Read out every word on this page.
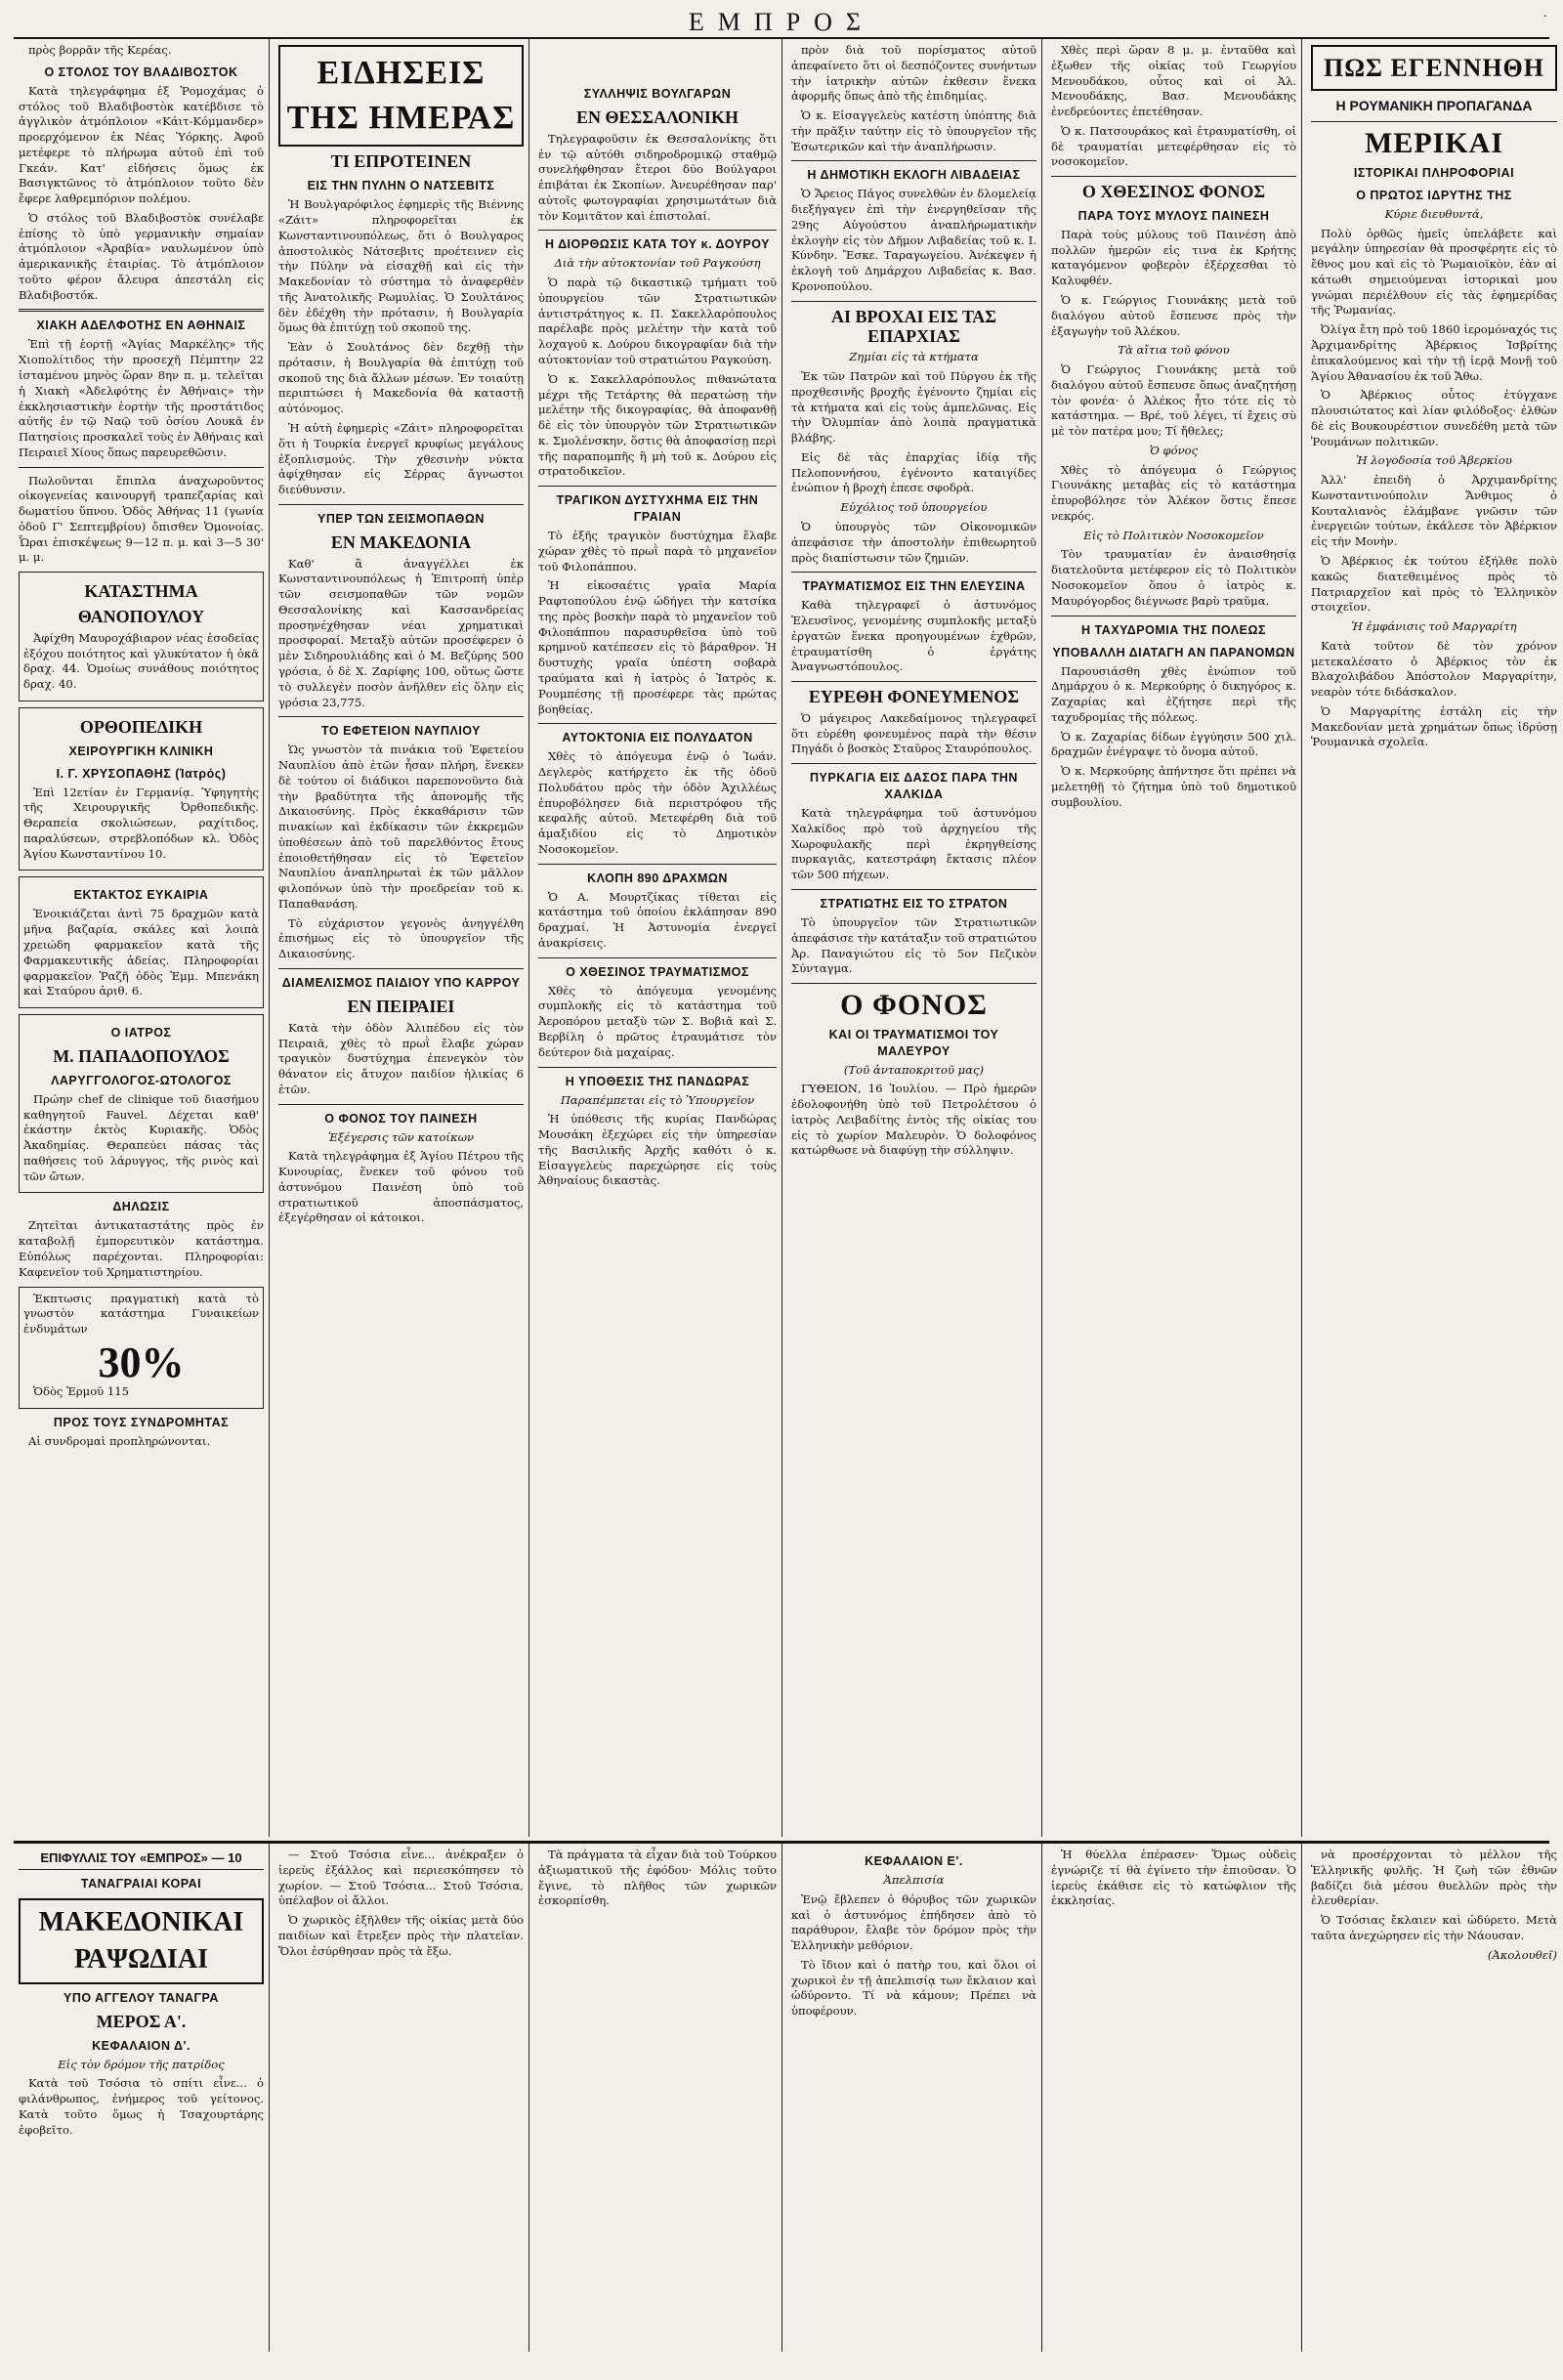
ΕΜΠΡΟΣ	·

πρὸς βορρᾶν τῆς Κερέας.

Ο ΣΤΟΛΟΣ ΤΟΥ ΒΛΑΔΙΒΟΣΤΟΚ

Κατὰ τηλεγράφημα ἐξ Ῥομοχάμας ὁ στόλος τοῦ Βλαδιβοστὸκ κατέβδισε τὸ ἀγγλικὸν ἀτμόπλοιον «Κάιτ-Κόμμανδερ» προερχόμενον ἐκ Νέας Ὑόρκης. Ἀφοῦ μετέφερε τὸ πλήρωμα αὐτοῦ ἐπὶ τοῦ Γκεάν. Κατ' εἰδήσεις ὅμως ἐκ Βασιγκτῶνος τὸ ἀτμόπλοιον τοῦτο δὲν ἔφερε λαθρεμπόριον πολέμου.

Ὁ στόλος τοῦ Βλαδιβοστὸκ συνέλαβε ἐπίσης τὸ ὑπὸ γερμανικὴν σημαίαν ἀτμόπλοιον «Ἀραβία» ναυλωμένον ὑπὸ ἀμερικανικῆς ἑταιρίας. Τὸ ἀτμόπλοιον τοῦτο φέρον ἄλευρα ἀπεστάλη εἰς Βλαδιβοστόκ.

ΧΙΑΚΗ ΑΔΕΛΦΟΤΗΣ ΕΝ ΑΘΗΝΑΙΣ

Ἐπὶ τῇ ἑορτῇ «Ἁγίας Μαρκέλης» τῆς Χιοπολίτιδος τὴν προσεχῆ Πέμπτην 22 ἱσταμένου μηνὸς ὥραν 8ην π. μ. τελεῖται ἡ Χιακὴ «Ἀδελφότης ἐν Ἀθήναις» τὴν ἐκκλησιαστικὴν ἑορτὴν τῆς προστάτιδος αὐτῆς ἐν τῷ Ναῷ τοῦ ὁσίου Λουκᾶ ἐν Πατησίοις προσκαλεῖ τοὺς ἐν Ἀθήναις καὶ Πειραιεῖ Χίους ὅπως παρευρεθῶσιν.

Πωλοῦνται ἔπιπλα ἀναχωροῦντος οἰκογενείας καινουργῆ τραπεζαρίας καὶ δωματίου ὕπνου. Ὁδὸς Ἀθήνας 11 (γωνία ὁδοῦ Γ' Σεπτεμβρίου) ὄπισθεν Ὁμονοίας. Ὧραι ἐπισκέψεως 9—12 π. μ. καὶ 3—5 30' μ. μ.

ΚΑΤΑΣΤΗΜΑ
ΘΑΝΟΠΟΥΛΟΥ

Ἀφίχθη Μαυροχάβιαρον νέας ἑσοδείας ἐξόχου ποιότητος καὶ γλυκύτατον ἡ ὀκᾶ δραχ. 44. Ὁμοίως συνάθους ποιότητος δραχ. 40.

ΟΡΘΟΠΕΔΙΚΗ
ΧΕΙΡΟΥΡΓΙΚΗ ΚΛΙΝΙΚΗ
Ι. Γ. ΧΡΥΣΟΠΑΘΗΣ (Ἰατρός)

Ἐπὶ 12ετίαν ἐν Γερμανίᾳ. Ὑφηγητὴς τῆς Χειρουργικῆς Ὀρθοπεδικῆς. Θεραπεία σκολιώσεων, ραχίτιδος, παραλύσεων, στρεβλοπόδων κλ. Ὁδὸς Ἁγίου Κωνσταντίνου 10.

ΕΚΤΑΚΤΟΣ ΕΥΚΑΙΡΙΑ

Ἐνοικιάζεται ἀντὶ 75 δραχμῶν κατὰ μῆνα βαζαρία, σκάλες καὶ λοιπὰ χρειώδη φαρμακεῖον κατὰ τῆς Φαρμακευτικῆς ἀδείας. Πληροφορίαι φαρμακεῖον Ῥαζῆ ὁδὸς Ἐμμ. Μπενάκη καὶ Σταύρου ἀριθ. 6.

Ο ΙΑΤΡΟΣ
Μ. ΠΑΠΑΔΟΠΟΥΛΟΣ
ΛΑΡΥΓΓΟΛΟΓΟΣ-ΩΤΟΛΟΓΟΣ

Πρώην chef de clinique τοῦ διασήμου καθηγητοῦ Fauvel. Δέχεται καθ' ἑκάστην ἐκτὸς Κυριακῆς. Ὁδὸς Ἀκαδημίας. Θεραπεύει πάσας τὰς παθήσεις τοῦ λάρυγγος, τῆς ρινὸς καὶ τῶν ὤτων.

ΔΗΛΩΣΙΣ

Ζητεῖται ἀντικαταστάτης πρὸς ἐν καταβολῇ ἐμπορευτικὸν κατάστημα. Εὐπόλως παρέχονται. Πληροφορίαι: Καφενεῖον τοῦ Χρηματιστηρίου.

Ἐκπτωσις πραγματικὴ κατὰ τὸ γνωστὸν κατάστημα Γυναικείων ἐνδυμάτων

30%

Ὁδὸς Ἑρμοῦ 115

ΠΡΟΣ ΤΟΥΣ ΣΥΝΔΡΟΜΗΤΑΣ

Αἱ συνδρομαὶ προπληρώνονται.

ΕΙΔΗΣΕΙΣ ΤΗΣ ΗΜΕΡΑΣ
ΤΙ ΕΠΡΟΤΕΙΝΕΝ
ΕΙΣ ΤΗΝ ΠΥΛΗΝ Ο ΝΑΤΣΕΒΙΤΣ

Ἡ Βουλγαρόφιλος ἐφημερὶς τῆς Βιέννης «Ζάιτ» πληροφορεῖται ἐκ Κωνσταντινουπόλεως, ὅτι ὁ Βουλγαρος ἀποστολικὸς Νάτσεβιτς προέτεινεν εἰς τὴν Πύλην νὰ εἰσαχθῇ καὶ εἰς τὴν Μακεδονίαν τὸ σύστημα τὸ ἀναφερθὲν τῆς Ἀνατολικῆς Ρωμυλίας. Ὁ Σουλτάνος δὲν ἐδέχθη τὴν πρότασιν, ἡ Βουλγαρία ὅμως θὰ ἐπιτύχῃ τοῦ σκοποῦ της.

Ἐὰν ὁ Σουλτάνος δὲν δεχθῇ τὴν πρότασιν, ἡ Βουλγαρία θὰ ἐπιτύχῃ τοῦ σκοποῦ της διὰ ἄλλων μέσων. Ἐν τοιαύτῃ περιπτώσει ἡ Μακεδονία θὰ καταστῇ αὐτόνομος.

Ἡ αὐτὴ ἐφημερὶς «Ζάιτ» πληροφορεῖται ὅτι ἡ Τουρκία ἐνεργεῖ κρυφίως μεγάλους ἐξοπλισμούς. Τὴν χθεσινὴν νύκτα ἀφίχθησαν εἰς Σέρρας ἄγνωστοι διεύθυνσιν.

ΥΠΕΡ ΤΩΝ ΣΕΙΣΜΟΠΑΘΩΝ
ΕΝ ΜΑΚΕΔΟΝΙΑ

Καθ' ἃ ἀναγγέλλει ἐκ Κωνσταντινουπόλεως ἡ Ἐπιτροπὴ ὑπὲρ τῶν σεισμοπαθῶν τῶν νομῶν Θεσσαλονίκης καὶ Κασσανδρείας προσηνέχθησαν νέαι χρηματικαὶ προσφοραί. Μεταξὺ αὐτῶν προσέφερεν ὁ μὲν Σιδηρουλιάδης καὶ ὁ Μ. Βεζύρης 500 γρόσια, ὁ δὲ Χ. Ζαρίφης 100, οὕτως ὥστε τὸ συλλεγὲν ποσὸν ἀνῆλθεν εἰς ὅλην εἰς γρόσια 23,775.

ΤΟ ΕΦΕΤΕΙΟΝ ΝΑΥΠΛΙΟΥ

Ὡς γνωστὸν τὰ πινάκια τοῦ Ἐφετείου Ναυπλίου ἀπὸ ἐτῶν ἦσαν πλήρη, ἕνεκεν δὲ τούτου οἱ διάδικοι παρεπονοῦντο διὰ τὴν βραδύτητα τῆς ἀπονομῆς τῆς Δικαιοσύνης. Πρὸς ἐκκαθάρισιν τῶν πινακίων καὶ ἐκδίκασιν τῶν ἐκκρεμῶν ὑποθέσεων ἀπὸ τοῦ παρελθόντος ἔτους ἐποιοθετήθησαν εἰς τὸ Ἐφετεῖον Ναυπλίου ἀναπληρωταὶ ἐκ τῶν μᾶλλον φιλοπόνων ὑπὸ τὴν προεδρείαν τοῦ κ. Παπαθανάση.

Τὸ εὐχάριστον γεγονὸς ἀνηγγέλθη ἐπισήμως εἰς τὸ ὑπουργεῖον τῆς Δικαιοσύνης.

ΔΙΑΜΕΛΙΣΜΟΣ ΠΑΙΔΙΟΥ ΥΠΟ ΚΑΡΡΟΥ
ΕΝ ΠΕΙΡΑΙΕΙ

Κατὰ τὴν ὁδὸν Ἀλιπέδου εἰς τὸν Πειραιᾶ, χθὲς τὸ πρωῒ ἔλαβε χώραν τραγικὸν δυστύχημα ἐπενεγκὸν τὸν θάνατον εἰς ἄτυχον παιδίον ἡλικίας 6 ἐτῶν.

Ο ΦΟΝΟΣ ΤΟΥ ΠΑΙΝΕΣΗ
Ἐξέγερσις τῶν κατοίκων

Κατὰ τηλεγράφημα ἐξ Ἁγίου Πέτρου τῆς Κυνουρίας, ἕνεκεν τοῦ φόνου τοῦ ἀστυνόμου Παινέση ὑπὸ τοῦ στρατιωτικοῦ ἀποσπάσματος, ἐξεγέρθησαν οἱ κάτοικοι.

ΣΥΛΛΗΨΙΣ ΒΟΥΛΓΑΡΩΝ
ΕΝ ΘΕΣΣΑΛΟΝΙΚΗ

Τηλεγραφοῦσιν ἐκ Θεσσαλονίκης ὅτι ἐν τῷ αὐτόθι σιδηροδρομικῷ σταθμῷ συνελήφθησαν ἕτεροι δύο Βούλγαροι ἐπιβάται ἐκ Σκοπίων. Ἀνευρέθησαν παρ' αὐτοῖς φωτογραφίαι χρησιμωτάτων διὰ τὸν Κομιτᾶτον καὶ ἐπιστολαί.

Η ΔΙΟΡΘΩΣΙΣ ΚΑΤΑ ΤΟΥ κ. ΔΟΥΡΟΥ
Διὰ τὴν αὐτοκτονίαν τοῦ Ραγκούση

Ὁ παρὰ τῷ δικαστικῷ τμήματι τοῦ ὑπουργείου τῶν Στρατιωτικῶν ἀντιστράτηγος κ. Π. Σακελλαρόπουλος παρέλαβε πρὸς μελέτην τὴν κατὰ τοῦ λοχαγοῦ κ. Δούρου δικογραφίαν διὰ τὴν αὐτοκτονίαν τοῦ στρατιώτου Ραγκούση.

Ὁ κ. Σακελλαρόπουλος πιθανώτατα μέχρι τῆς Τετάρτης θὰ περατώσῃ τὴν μελέτην τῆς δικογραφίας, θὰ ἀποφανθῇ δὲ εἰς τὸν ὑπουργὸν τῶν Στρατιωτικῶν κ. Σμολένσκην, ὅστις θὰ ἀποφασίσῃ περὶ τῆς παραπομπῆς ἢ μὴ τοῦ κ. Δούρου εἰς στρατοδικεῖον.

ΤΡΑΓΙΚΟΝ ΔΥΣΤΥΧΗΜΑ ΕΙΣ ΤΗΝ ΓΡΑΙΑΝ

Τὸ ἐξῆς τραγικὸν δυστύχημα ἔλαβε χώραν χθὲς τὸ πρωῒ παρὰ τὸ μηχανεῖον τοῦ Φιλοπάππου.

Ἡ εἰκοσαέτις γραῖα Μαρία Ραφτοπούλου ἐνῷ ὡδήγει τὴν κατσίκα της πρὸς βοσκὴν παρὰ τὸ μηχανεῖον τοῦ Φιλοπάππου παρασυρθεῖσα ὑπὸ τοῦ κρημνοῦ κατέπεσεν εἰς τὸ βάραθρον. Ἡ δυστυχὴς γραῖα ὑπέστη σοβαρὰ τραύματα καὶ ἡ ἰατρὸς ὁ Ἰατρὸς κ. Ρουμπέσης τῇ προσέφερε τὰς πρώτας βοηθείας.

ΑΥΤΟΚΤΟΝΙΑ ΕΙΣ ΠΟΛΥΔΑΤΟΝ

Χθὲς τὸ ἀπόγευμα ἐνῷ ὁ Ἰωάν. Δεγλερὸς κατήρχετο ἐκ τῆς ὁδοῦ Πολυδάτου πρὸς τὴν ὁδὸν Ἀχιλλέως ἐπυροβόλησεν διὰ περιστρόφου τῆς κεφαλῆς αὐτοῦ. Μετεφέρθη διὰ τοῦ ἀμαξιδίου εἰς τὸ Δημοτικὸν Νοσοκομεῖον.

ΚΛΟΠΗ 890 ΔΡΑΧΜΩΝ

Ὁ Α. Μουρτζίκας τίθεται εἰς κατάστημα τοῦ ὁποίου ἐκλάπησαν 890 δραχμαί. Ἡ Ἀστυνομία ἐνεργεῖ ἀνακρίσεις.

Ο ΧΘΕΣΙΝΟΣ ΤΡΑΥΜΑΤΙΣΜΟΣ

Χθὲς τὸ ἀπόγευμα γενομένης συμπλοκῆς εἰς τὸ κατάστημα τοῦ Ἀεροπόρου μεταξὺ τῶν Σ. Βοβιᾶ καὶ Σ. Βερβίλη ὁ πρῶτος ἐτραυμάτισε τὸν δεύτερον διὰ μαχαίρας.

Η ΥΠΟΘΕΣΙΣ ΤΗΣ ΠΑΝΔΩΡΑΣ
Παραπέμπεται εἰς τὸ Ὑπουργεῖον

Ἡ ὑπόθεσις τῆς κυρίας Πανδώρας Μουσάκη ἐξεχώρει εἰς τὴν ὑπηρεσίαν τῆς Βασιλικῆς Ἀρχῆς καθότι ὁ κ. Εἰσαγγελεὺς παρεχώρησε εἰς τοὺς Ἀθηναίους δικαστὰς.

πρὸν διὰ τοῦ πορίσματος αὐτοῦ ἀπεφαίνετο ὅτι οἱ δεσπόζοντες συνήντων τὴν ἰατρικὴν αὐτῶν ἐκθεσιν ἕνεκα ἀφορμῆς ὅπως ἀπὸ τῆς ἐπιδημίας.

Ὁ κ. Εἰσαγγελεὺς κατέστη ὑπόπτης διὰ τὴν πρᾶξιν ταύτην εἰς τὸ ὑπουργεῖον τῆς Ἐσωτερικῶν καὶ τὴν ἀναπλήρωσιν.

Η ΔΗΜΟΤΙΚΗ ΕΚΛΟΓΗ ΛΙΒΑΔΕΙΑΣ

Ὁ Ἄρειος Πάγος συνελθὼν ἐν δλομελείᾳ διεξήγαγεν ἐπὶ τὴν ἐνεργηθεῖσαν τῆς 29ης Αὐγούστου ἀναπλήρωματικὴν ἐκλογὴν εἰς τὸν Δῆμον Λιβαδείας τοῦ κ. I. Κύνδην. Ἔσκε. Ταραγωγείου. Ἀνέκεψεν ἡ ἐκλογὴ τοῦ Δημάρχου Λιβαδείας κ. Βασ. Κρονοπούλου.

ΑΙ ΒΡΟΧΑΙ ΕΙΣ ΤΑΣ ΕΠΑΡΧΙΑΣ
Ζημίαι εἰς τὰ κτήματα

Ἐκ τῶν Πατρῶν καὶ τοῦ Πύργου ἐκ τῆς προχθεσινῆς βροχῆς ἐγένοντο ζημίαι εἰς τὰ κτήματα καὶ εἰς τοὺς ἀμπελῶνας. Εἰς τὴν Ὀλυμπίαν ἀπὸ λοιπὰ πραγματικὰ βλάβης.

Εἰς δὲ τὰς ἐπαρχίας ἰδίᾳ τῆς Πελοποννήσου, ἐγένοντο καταιγίδες ἑνώπιον ἡ βροχὴ ἐπεσε σφοδρὰ.

Εὐχόλιος τοῦ ὑπουργείου

Ὁ ὑπουργὸς τῶν Οἰκονομικῶν ἀπεφάσισε τὴν ἀποστολὴν ἐπιθεωρητοῦ πρὸς διαπίστωσιν τῶν ζημιῶν.

ΤΡΑΥΜΑΤΙΣΜΟΣ ΕΙΣ ΤΗΝ ΕΛΕΥΣΙΝΑ

Καθὰ τηλεγραφεῖ ὁ ἀστυνόμος Ἐλευσῖνος, γενομένης συμπλοκῆς μεταξὺ ἐργατῶν ἕνεκα προηγουμένων ἐχθρῶν, ἐτραυματίσθη ὁ ἐργάτης Ἀναγνωστόπουλος.

ΕΥΡΕΘΗ ΦΟΝΕΥΜΕΝΟΣ

Ὁ μάγειρος Λακεδαίμονος τηλεγραφεῖ ὅτι εὑρέθη φονευμένος παρὰ τὴν θέσιν Πηγάδι ὁ βοσκὸς Σταῦρος Σταυρόπουλος.

ΠΥΡΚΑΓΙΑ ΕΙΣ ΔΑΣΟΣ ΠΑΡΑ ΤΗΝ ΧΑΛΚΙΔΑ

Κατὰ τηλεγράφημα τοῦ ἀστυνόμου Χαλκίδος πρὸ τοῦ ἀρχηγείου τῆς Χωροφυλακῆς περὶ ἐκρηγθείσης πυρκαγιᾶς, κατεστράφη ἔκτασις πλέον τῶν 500 πήχεων.

ΣΤΡΑΤΙΩΤΗΣ ΕΙΣ ΤΟ ΣΤΡΑΤΟΝ

Τὸ ὑπουργεῖον τῶν Στρατιωτικῶν ἀπεφάσισε τὴν κατάταξιν τοῦ στρατιώτου Ἀρ. Παναγιώτου εἰς τὸ 5ον Πεζικὸν Σύνταγμα.

Ο ΦΟΝΟΣ
ΚΑΙ ΟΙ ΤΡΑΥΜΑΤΙΣΜΟΙ ΤΟΥ ΜΑΛΕΥΡΟΥ
(Τοῦ ἀνταποκριτοῦ μας)

ΓΥΘΕΙΟΝ, 16 Ἰουλίου. — Πρὸ ἡμερῶν ἐδολοφονήθη ὑπὸ τοῦ Πετρολέτσου ὁ ἰατρὸς Λειβαδίτης ἐντὸς τῆς οἰκίας του εἰς τὸ χωρίον Μαλευρὸν. Ὁ δολοφόνος κατώρθωσε νὰ διαφύγῃ τὴν σύλληψιν.

Χθὲς περὶ ὥραν 8 μ. μ. ἐνταῦθα καὶ ἐξωθεν τῆς οἰκίας τοῦ Γεωργίου Μενουδάκου, οὗτος καὶ οἱ Ἀλ. Μενουδάκης, Βασ. Μενουδάκης ἐνεδρεύοντες ἐπετέθησαν.

Ὁ κ. Πατσουράκος καὶ ἐτραυματίσθη, οἱ δὲ τραυματίαι μετεφέρθησαν εἰς τὸ νοσοκομεῖον.

Ο ΧΘΕΣΙΝΟΣ ΦΟΝΟΣ
ΠΑΡΑ ΤΟΥΣ ΜΥΛΟΥΣ ΠΑΙΝΕΣΗ

Παρὰ τοὺς μύλους τοῦ Παινέση ἀπὸ πολλῶν ἡμερῶν εἰς τινα ἐκ Κρήτης καταγόμενον φοβερὸν ἐξέρχεσθαι τὸ Καλυφθέν.

Ὁ κ. Γεώργιος Γιουνάκης μετὰ τοῦ διαλόγου αὐτοῦ ἔσπευσε πρὸς τὴν ἐξαγωγὴν τοῦ Ἀλέκου.

Τὰ αἴτια τοῦ φόνου

Ὁ Γεώργιος Γιουνάκης μετὰ τοῦ διαλόγου αὐτοῦ ἔσπευσε ὅπως ἀναζητήσῃ τὸν φονέα· ὁ Ἀλέκος ἦτο τότε εἰς τὸ κατάστημα. — Βρέ, τοῦ λέγει, τί ἔχεις σὺ μὲ τὸν πατέρα μου; Τί ἤθελες;

Ὁ φόνος

Χθὲς τὸ ἀπόγευμα ὁ Γεώργιος Γιουνάκης μεταβὰς εἰς τὸ κατάστημα ἐπυροβόλησε τὸν Ἀλέκον ὅστις ἔπεσε νεκρός.

Εἰς τὸ Πολιτικὸν Νοσοκομεῖον

Τὸν τραυματίαν ἐν ἀναισθησίᾳ διατελοῦντα μετέφερον εἰς τὸ Πολιτικὸν Νοσοκομεῖον ὅπου ὁ ἰατρὸς κ. Μαυρόγορδος διέγνωσε βαρὺ τραῦμα.

Η ΤΑΧΥΔΡΟΜΙΑ ΤΗΣ ΠΟΛΕΩΣ
ΥΠΟΒΑΛΛΗ ΔΙΑΤΑΓΗ ΑΝ ΠΑΡΑΝΟΜΩΝ

Παρουσιάσθη χθὲς ἐνώπιον τοῦ Δημάρχου ὁ κ. Μερκούρης ὁ δικηγόρος κ. Ζαχαρίας καὶ ἐζήτησε περὶ τῆς ταχυδρομίας τῆς πόλεως.

Ὁ κ. Ζαχαρίας δίδων ἐγγύησιν 500 χιλ. δραχμῶν ἐνέγραψε τὸ ὄνομα αὐτοῦ.

Ὁ κ. Μερκούρης ἀπήντησε ὅτι πρέπει νὰ μελετηθῇ τὸ ζήτημα ὑπὸ τοῦ δημοτικοῦ συμβουλίου.

ΠΩΣ ΕΓΕΝΝΗΘΗ
Η ΡΟΥΜΑΝΙΚΗ ΠΡΟΠΑΓΑΝΔΑ
ΜΕΡΙΚΑΙ
ΙΣΤΟΡΙΚΑΙ ΠΛΗΡΟΦΟΡΙΑΙ
Ο ΠΡΩΤΟΣ ΙΔΡΥΤΗΣ ΤΗΣ
Κύριε διευθυντά,

Πολὺ ὀρθῶς ἠμεῖς ὑπελάβετε καὶ μεγάλην ὑπηρεσίαν θὰ προσφέρητε εἰς τὸ ἔθνος μου καὶ εἰς τὸ Ῥωμαιοϊκὸν, ἐὰν αἱ κάτωθι σημειούμεναι ἱστορικαὶ μου γνώμαι περιέλθουν εἰς τὰς ἐφημερίδας τῆς Ῥωμανίας.

Ὀλίγα ἔτη πρὸ τοῦ 1860 ἱερομόναχός τις Ἀρχιμανδρίτης Ἀβέρκιος Ἰσβρίτης ἐπικαλούμενος καὶ τὴν τῇ ἱερᾷ Μονῇ τοῦ Ἁγίου Ἀθανασίου ἐκ τοῦ Ἄθω.

Ὁ Ἀβέρκιος οὗτος ἐτύγχανε πλουσιώτατος καὶ λίαν φιλόδοξος· ἐλθὼν δὲ εἰς Βουκουρέστιον συνεδέθη μετὰ τῶν Ῥουμάνων πολιτικῶν.

Ἡ λογοδοσία τοῦ Ἀβερκίου

Ἀλλ' ἐπειδὴ ὁ Ἀρχιμανδρίτης Κωνσταντινούπολιν Ἄνθιμος ὁ Κουταλιανὸς ἐλάμβανε γνῶσιν τῶν ἐνεργειῶν τούτων, ἐκάλεσε τὸν Ἀβέρκιον εἰς τὴν Μονὴν.

Ὁ Ἀβέρκιος ἐκ τούτου ἐξήλθε πολὺ κακῶς διατεθειμένος πρὸς τὸ Πατριαρχεῖον καὶ πρὸς τὸ Ἑλληνικὸν στοιχεῖον.

Ἡ ἐμφάνισις τοῦ Μαργαρίτη

Κατὰ τοῦτον δὲ τὸν χρόνον μετεκαλέσατο ὁ Ἀβέρκιος τὸν ἐκ Βλαχολιβάδου Ἀπόστολον Μαργαρίτην, νεαρὸν τότε διδάσκαλον.

Ὁ Μαργαρίτης ἐστάλη εἰς τὴν Μακεδονίαν μετὰ χρημάτων ὅπως ἱδρύσῃ Ῥουμανικὰ σχολεῖα.

ΕΠΙΦΥΛΛΙΣ ΤΟΥ «ΕΜΠΡΟΣ» — 10
ΤΑΝΑΓΡΑΙΑΙ ΚΟΡΑΙ
ΜΑΚΕΔΟΝΙΚΑΙ ΡΑΨΩΔΙΑΙ
ΥΠΟ ΑΓΓΕΛΟΥ ΤΑΝΑΓΡΑ
ΜΕΡΟΣ Α'.
ΚΕΦΑΛΑΙΟΝ Δ'.
Εἰς τὸν δρόμον τῆς πατρίδος

Κατὰ τοῦ Τσόσια τὸ σπίτι εἶνε... ὁ φιλάνθρωπος, ἐνήμερος τοῦ γείτονος. Κατὰ τοῦτο ὅμως ἠ Τσαχουρτάρης ἐφοβεῖτο.

— Στοῦ Τσόσια εἶνε... ἀνέκραξεν ὁ ἱερεὺς ἐξάλλος καὶ περιεσκόπησεν τὸ χωρίον. — Στοῦ Τσόσια... Στοῦ Τσόσια, ὑπέλαβον οἱ ἄλλοι.

Ὁ χωρικὸς ἐξῆλθεν τῆς οἰκίας μετὰ δύο παιδίων καὶ ἔτρεξεν πρὸς τὴν πλατεῖαν. Ὅλοι ἐσύρθησαν πρὸς τὰ ἔξω.

Τὰ πράγματα τὰ εἶχαν διὰ τοῦ Τούρκου ἀξιωματικοῦ τῆς ἐφόδου· Μόλις τοῦτο ἔγινε, τὸ πλῆθος τῶν χωρικῶν ἐσκορπίσθη.

ΚΕΦΑΛΑΙΟΝ Ε'.
Ἀπελπισία

Ἐνῷ ἔβλεπεν ὁ θόρυβος τῶν χωρικῶν καὶ ὁ ἀστυνόμος ἐπήδησεν ἀπὸ τὸ παράθυρον, ἔλαβε τὸν δρόμον πρὸς τὴν Ἐλληνικὴν μεθόριον.

Τὸ ἴδιον καὶ ὁ πατὴρ του, καὶ ὅλοι οἱ χωρικοὶ ἐν τῇ ἀπελπισίᾳ των ἔκλαιον καὶ ὠδύροντο. Τί νὰ κάμουν; Πρέπει νὰ ὑποφέρουν.

Ἡ θύελλα ἐπέρασεν· Ὅμως οὐδεὶς ἐγνώριζε τί θὰ ἐγίνετο τὴν ἐπιοῦσαν. Ὁ ἱερεὺς ἐκάθισε εἰς τὸ κατώφλιον τῆς ἐκκλησίας.

νὰ προσέρχονται τὸ μέλλον τῆς Ἑλληνικῆς φυλῆς. Ἡ ζωὴ τῶν ἐθνῶν βαδίζει διὰ μέσου θυελλῶν πρὸς τὴν ἐλευθερίαν.

Ὁ Τσόσιας ἔκλαιεν καὶ ὠδύρετο. Μετὰ ταῦτα ἀνεχώρησεν εἰς τὴν Νάουσαν.

(Ἀκολουθεῖ)
